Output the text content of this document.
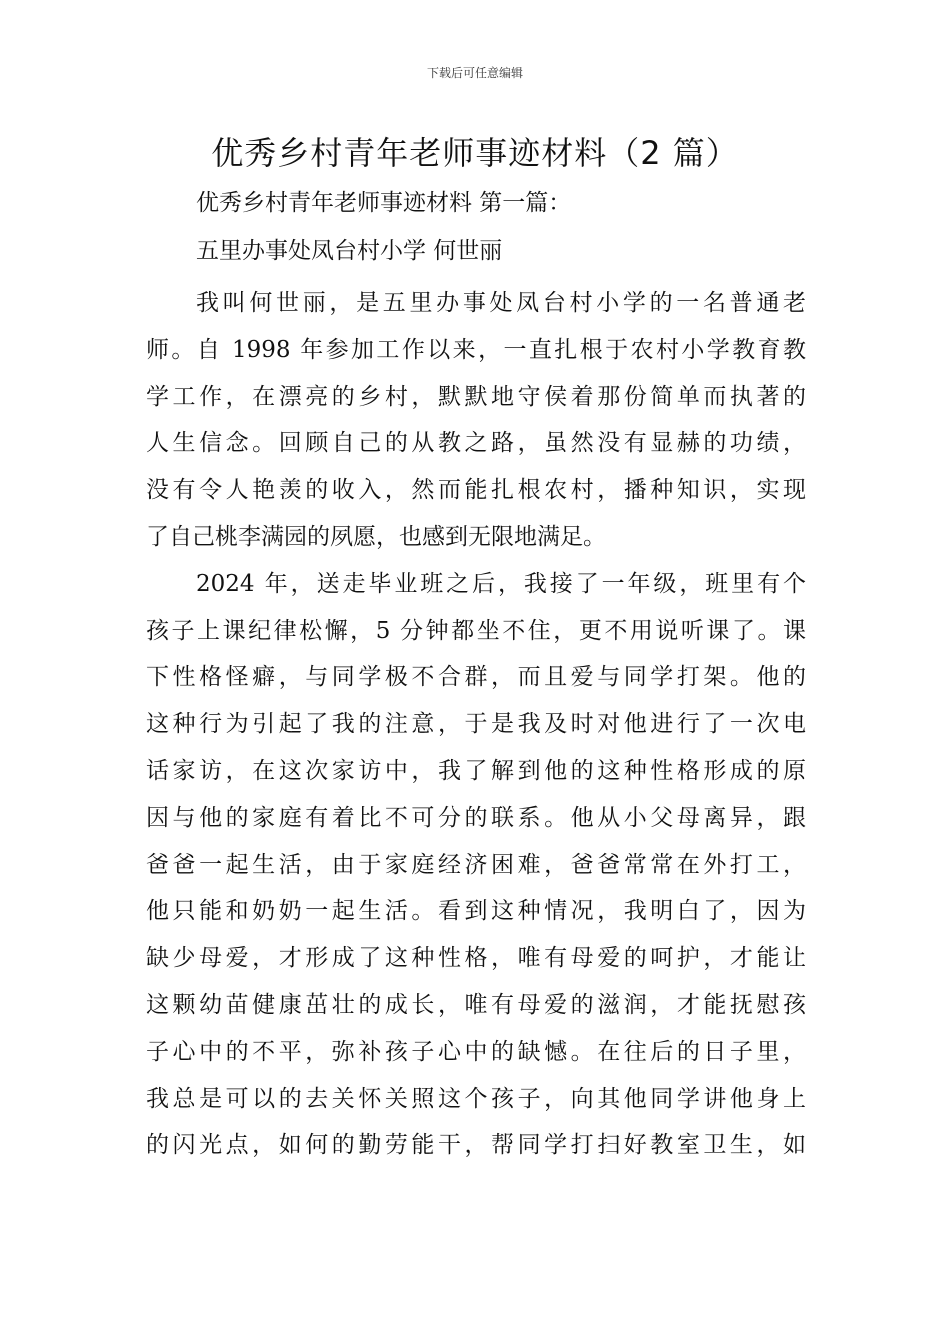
下载后可任意编辑
优秀乡村青年老师事迹材料（2 篇）
优秀乡村青年老师事迹材料 第一篇：
五里办事处凤台村小学 何世丽
我叫何世丽，是五里办事处凤台村小学的一名普通老
师。自 1998 年参加工作以来，一直扎根于农村小学教育教
学工作，在漂亮的乡村，默默地守侯着那份简单而执著的
人生信念。回顾自己的从教之路，虽然没有显赫的功绩，
没有令人艳羡的收入，然而能扎根农村，播种知识，实现
了自己桃李满园的夙愿，也感到无限地满足。
2024 年，送走毕业班之后，我接了一年级，班里有个
孩子上课纪律松懈，5 分钟都坐不住，更不用说听课了。课
下性格怪癖，与同学极不合群，而且爱与同学打架。他的
这种行为引起了我的注意，于是我及时对他进行了一次电
话家访，在这次家访中，我了解到他的这种性格形成的原
因与他的家庭有着比不可分的联系。他从小父母离异，跟
爸爸一起生活，由于家庭经济困难，爸爸常常在外打工，
他只能和奶奶一起生活。看到这种情况，我明白了，因为
缺少母爱，才形成了这种性格，唯有母爱的呵护，才能让
这颗幼苗健康茁壮的成长，唯有母爱的滋润，才能抚慰孩
子心中的不平，弥补孩子心中的缺憾。在往后的日子里，
我总是可以的去关怀关照这个孩子，向其他同学讲他身上
的闪光点，如何的勤劳能干，帮同学打扫好教室卫生，如
